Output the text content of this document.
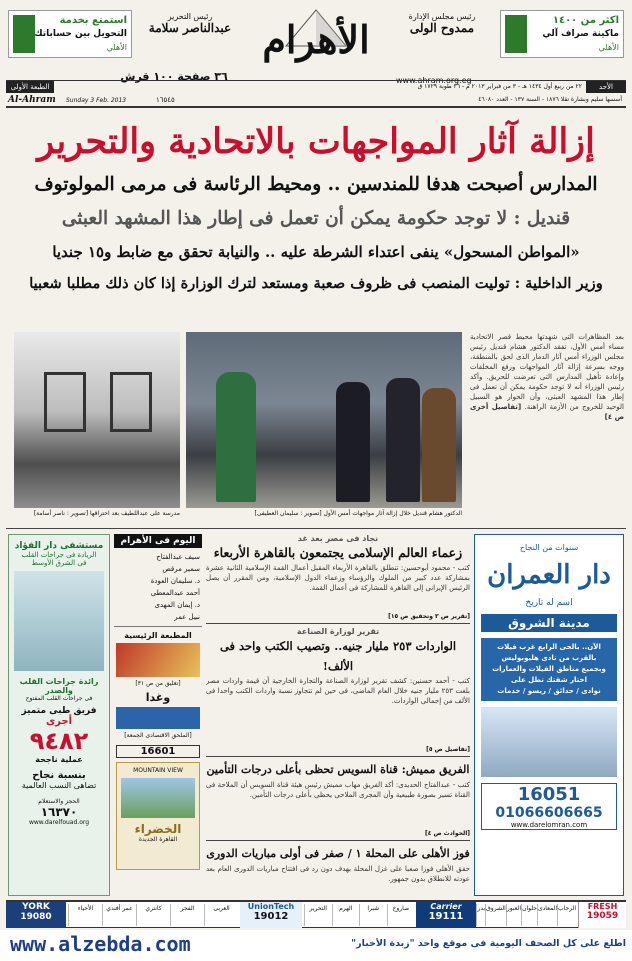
استمتع بخدمة
التحويل بين حساباتك
الأهلي
اكثر من ١٤٠٠
ماكينة صراف آلي
الأهلي
رئيس التحرير
عبدالناصر سلامة
رئيس مجلس الإدارة
ممدوح الولى
الأهرام
٣٦ صفحة ١٠٠ قرش	www.ahram.org.eg
الطبعة الأولى	الأحد
٢٢ من ربيع أول ١٤٣٤ هـ - ٣ من فبراير ٢٠١٣ م - ٢٦ طوبة ١٧٢٩ ق
Al-Ahram Sunday 3 Feb. 2013	١٦٥٤٥	أسسها سليم وبشارة تقلا ١٨٧٦ - السنة ١٣٧ - العدد ٤٦٠٨٠
إزالة آثار المواجهات بالاتحادية والتحرير
المدارس أصبحت هدفا للمندسين .. ومحيط الرئاسة فى مرمى المولوتوف
قنديل : لا توجد حكومة يمكن أن تعمل فى إطار هذا المشهد العبثى
«المواطن المسحول» ينفى اعتداء الشرطة عليه .. والنيابة تحقق مع ضابط و١٥ جنديا
وزير الداخلية : توليت المنصب فى ظروف صعبة ومستعد لترك الوزارة إذا كان ذلك مطلبا شعبيا
مدرسة على عبداللطيف بعد احتراقها [تصوير : ناصر أسامة]	الدكتور هشام قنديل خلال إزالة آثار مواجهات أمس الأول [تصوير : سليمان العطيفى]
بعد المظاهرات التى شهدتها محيط قصر الاتحادية مساء أمس الأول، تفقد الدكتور هشام قنديل رئيس مجلس الوزراء أمس آثار الدمار الذى لحق بالمنطقة، ووجه بسرعة إزالة آثار المواجهات ورفع المخلفات وإعادة تأهيل المدارس التى تعرضت للحريق. وأكد رئيس الوزراء أنه لا توجد حكومة يمكن أن تعمل فى إطار هذا المشهد العبثى، وأن الحوار هو السبيل الوحيد للخروج من الأزمة الراهنة. [تفاصيل أخرى ص ٤]
مستشفى دار الفؤاد
الريادة فى جراحات القلب
فى الشرق الأوسط
رائدة جراحات القلب والصدر
فى جراحات القلب المفتوح
فريق طبى متميز
أجرى
٩٤٨٢
عملية ناجحة
بنسبة نجاح
تضاهى النسب العالمية
الحجز والاستعلام
١٦٣٧٠
www.darelfouad.org
اليوم فى الأهرام
سيف عبدالفتاح
سمير مرقص
د. سليمان العودة
أحمد عبدالمعطى
د. إيمان المهدى
نبيل عمر
المطبعة الرئيسية
[تعليق من ص ٣١]
وغدا
[الملحق الاقتصادى الجمعة]
16601
MOUNTAIN VIEW
الخضراء
القاهرة الجديدة
نجاد فى مصر بعد غد
زعماء العالم الإسلامى يجتمعون بالقاهرة الأربعاء
كتب - محمود أبوحسين: تنطلق بالقاهرة الأربعاء المقبل أعمال القمة الإسلامية الثانية عشرة بمشاركة عدد كبير من الملوك والرؤساء وزعماء الدول الإسلامية، ومن المقرر أن يصل الرئيس الإيرانى إلى القاهرة للمشاركة فى أعمال القمة.
[تقرير ص ٣ وتحقيق ص ١٥]
تقرير لوزارة الصناعة
الواردات ٢٥٣ مليار جنيه.. وتصيب الكتب واحد فى الألف!
كتب - أحمد حسنين: كشف تقرير لوزارة الصناعة والتجارة الخارجية أن قيمة واردات مصر بلغت ٢٥٣ مليار جنيه خلال العام الماضى، فى حين لم تتجاوز نسبة واردات الكتب واحدا فى الألف من إجمالى الواردات.
[تفاصيل ص ٥]
الفريق مميش: قناة السويس تحظى بأعلى درجات التأمين
كتب - عبدالفتاح الحديدى: أكد الفريق مهاب مميش رئيس هيئة قناة السويس أن الملاحة فى القناة تسير بصورة طبيعية وأن المجرى الملاحى يحظى بأعلى درجات التأمين.
[الحوادث ص ٤]
فوز الأهلى على المحلة ١ / صفر فى أولى مباريات الدورى
حقق الأهلى فوزا صعبا على غزل المحلة بهدف دون رد فى افتتاح مباريات الدورى العام بعد عودته للانطلاق بدون جمهور.
سنوات من النجاح
دار العمران
اسم له تاريخ
مدينة الشروق
الآن.. بالحى الرابع غرب فيلات
بالقرب من نادى هليوبوليس
وبجميع مناطق الفيلات والعمارات
اختار شقتك تطل على
نوادى / حدائق / ريسو / خدمات
16051
01066606665
www.darelomran.com
YORK
19080
العربى
الفجر
كانتري
عمر أفندي
الأحياء	UnionTech
19012
صاروخ
شبرا
الهرم
التحرير	Carrier
19111
الرحاب
المعادى
حلوان
العبور
الشروق
بدر	FRESH
19059
www.alzebda.com	اطلع على كل الصحف اليومية فى موقع واحد "زبدة الأخبار"
